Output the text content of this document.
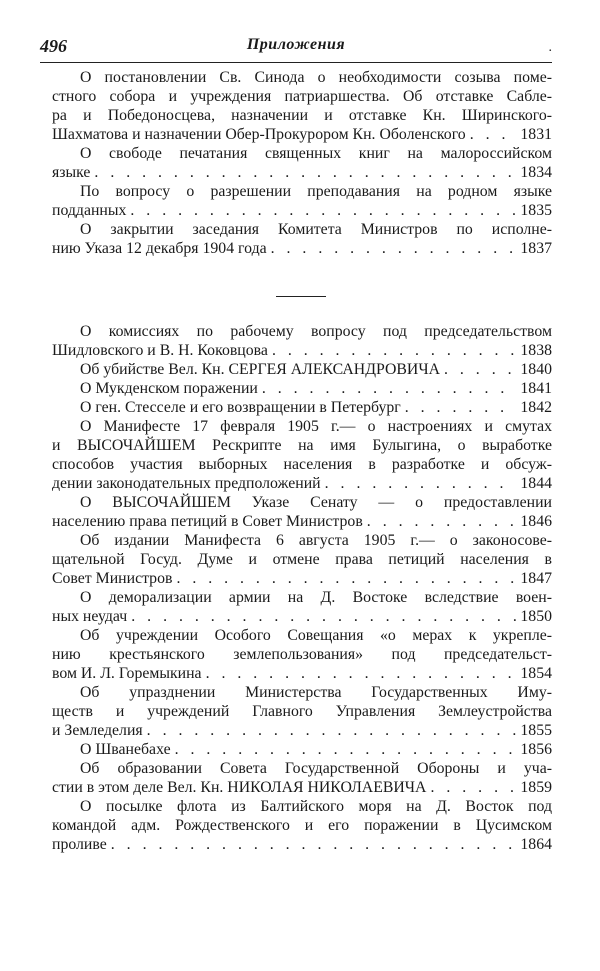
496	Приложения	.
О постановлении Св. Синода о необходимости созыва поме-
стного собора и учреждения патриаршества. Об отставке Сабле-
ра и Победоносцева, назначении и отставке Кн. Ширинского-
Шахматова и назначении Обер-Прокурором Кн. Оболенского . . .	1831
О свободе печатания священных книг на малороссийском
языке . . .	1834
По вопросу о разрешении преподавания на родном языке
подданных . . .	1835
О закрытии заседания Комитета Министров по исполне-
нию Указа 12 декабря 1904 года . . .	1837
О комиссиях по рабочему вопросу под председательством
Шидловского и В. Н. Коковцова . . .	1838
Об убийстве Вел. Кн. СЕРГЕЯ АЛЕКСАНДРОВИЧА . . .	1840
О Мукденском поражении . . .	1841
О ген. Стесселе и его возвращении в Петербург . . .	1842
О Манифесте 17 февраля 1905 г.— о настроениях и смутах
и ВЫСОЧАЙШЕМ Рескрипте на имя Булыгина, о выработке
способов участия выборных населения в разработке и обсуж-
дении законодательных предположений . . .	1844
О ВЫСОЧАЙШЕМ Указе Сенату — о предоставлении
населению права петиций в Совет Министров . . .	1846
Об издании Манифеста 6 августа 1905 г.— о законосове-
щательной Госуд. Думе и отмене права петиций населения в
Совет Министров . . .	1847
О деморализации армии на Д. Востоке вследствие воен-
ных неудач . . .	1850
Об учреждении Особого Совещания «о мерах к укрепле-
нию крестьянского землепользования» под председательст-
вом И. Л. Горемыкина . . .	1854
Об упразднении Министерства Государственных Иму-
ществ и учреждений Главного Управления Землеустройства
и Земледелия . . .	1855
О Шванебахе . . .	1856
Об образовании Совета Государственной Обороны и уча-
стии в этом деле Вел. Кн. НИКОЛАЯ НИКОЛАЕВИЧА . . .	1859
О посылке флота из Балтийского моря на Д. Восток под
командой адм. Рождественского и его поражении в Цусимском
проливе . . .	1864
